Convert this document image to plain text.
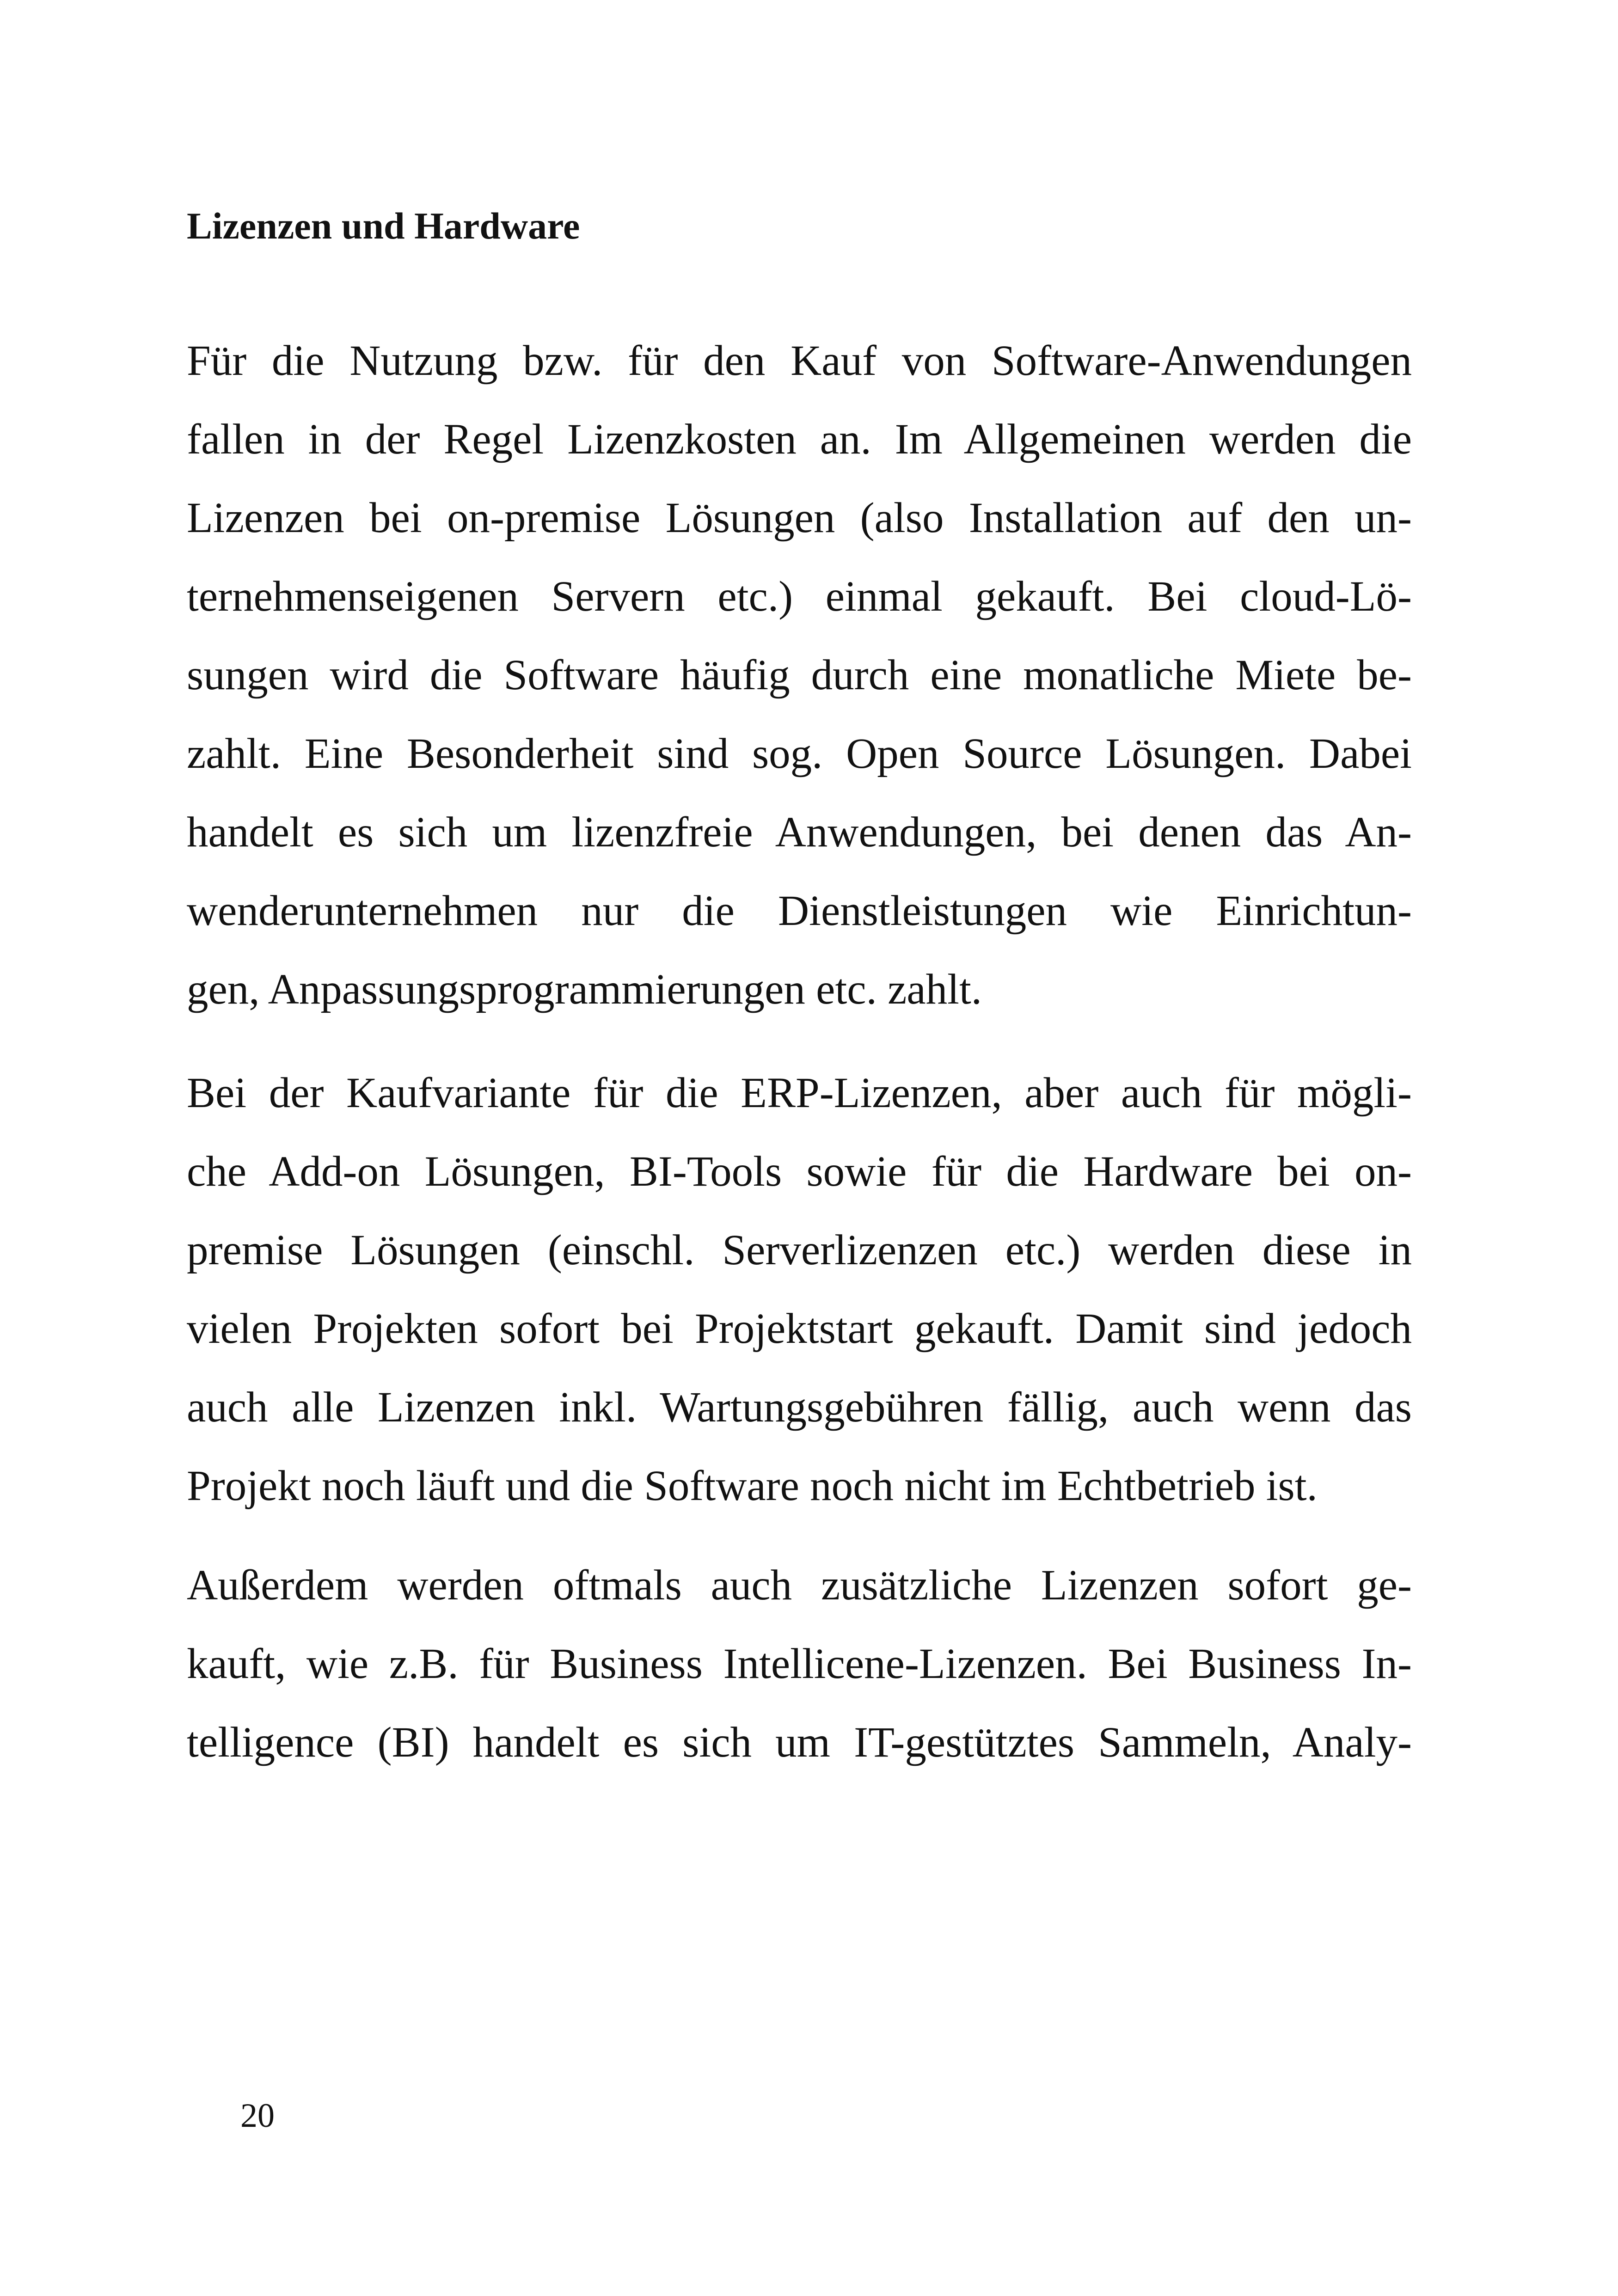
Lizenzen und Hardware
Für die Nutzung bzw. für den Kauf von Software-Anwendungen
fallen in der Regel Lizenzkosten an. Im Allgemeinen werden die
Lizenzen bei on-premise Lösungen (also Installation auf den un-
ternehmenseigenen Servern etc.) einmal gekauft. Bei cloud-Lö-
sungen wird die Software häufig durch eine monatliche Miete be-
zahlt. Eine Besonderheit sind sog. Open Source Lösungen. Dabei
handelt es sich um lizenzfreie Anwendungen, bei denen das An-
wenderunternehmen nur die Dienstleistungen wie Einrichtun-
gen, Anpassungsprogrammierungen etc. zahlt.
Bei der Kaufvariante für die ERP-Lizenzen, aber auch für mögli-
che Add-on Lösungen, BI-Tools sowie für die Hardware bei on-
premise Lösungen (einschl. Serverlizenzen etc.) werden diese in
vielen Projekten sofort bei Projektstart gekauft. Damit sind jedoch
auch alle Lizenzen inkl. Wartungsgebühren fällig, auch wenn das
Projekt noch läuft und die Software noch nicht im Echtbetrieb ist.
Außerdem werden oftmals auch zusätzliche Lizenzen sofort ge-
kauft, wie z.B. für Business Intellicene-Lizenzen. Bei Business In-
telligence (BI) handelt es sich um IT-gestütztes Sammeln, Analy-
20
